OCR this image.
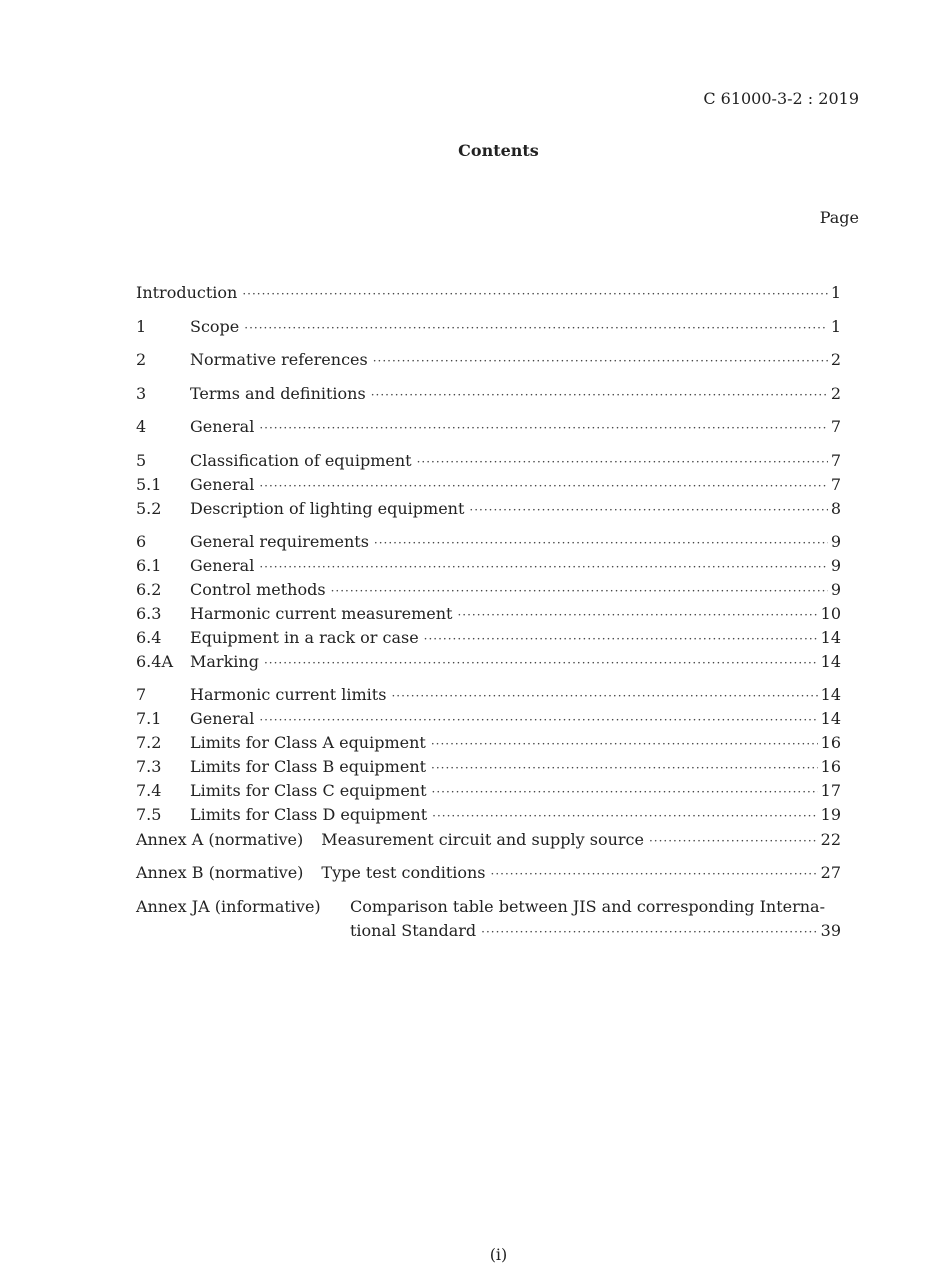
C 61000-3-2 : 2019
Contents
Page
Introduction ·····	1
1	Scope ·····	1
2	Normative references ·····	2
3	Terms and definitions ·····	2
4	General ·····	7
5	Classification of equipment ·····	7
5.1	General ·····	7
5.2	Description of lighting equipment ·····	8
6	General requirements ·····	9
6.1	General ·····	9
6.2	Control methods ·····	9
6.3	Harmonic current measurement ·····	10
6.4	Equipment in a rack or case ·····	14
6.4A	Marking ·····	14
7	Harmonic current limits ·····	14
7.1	General ·····	14
7.2	Limits for Class A equipment ·····	16
7.3	Limits for Class B equipment ·····	16
7.4	Limits for Class C equipment ·····	17
7.5	Limits for Class D equipment ·····	19
Annex A (normative) Measurement circuit and supply source ·····	22
Annex B (normative) Type test conditions ·····	27
Annex JA (informative) Comparison table between JIS and corresponding Interna-
tional Standard ·····	39
(i)
